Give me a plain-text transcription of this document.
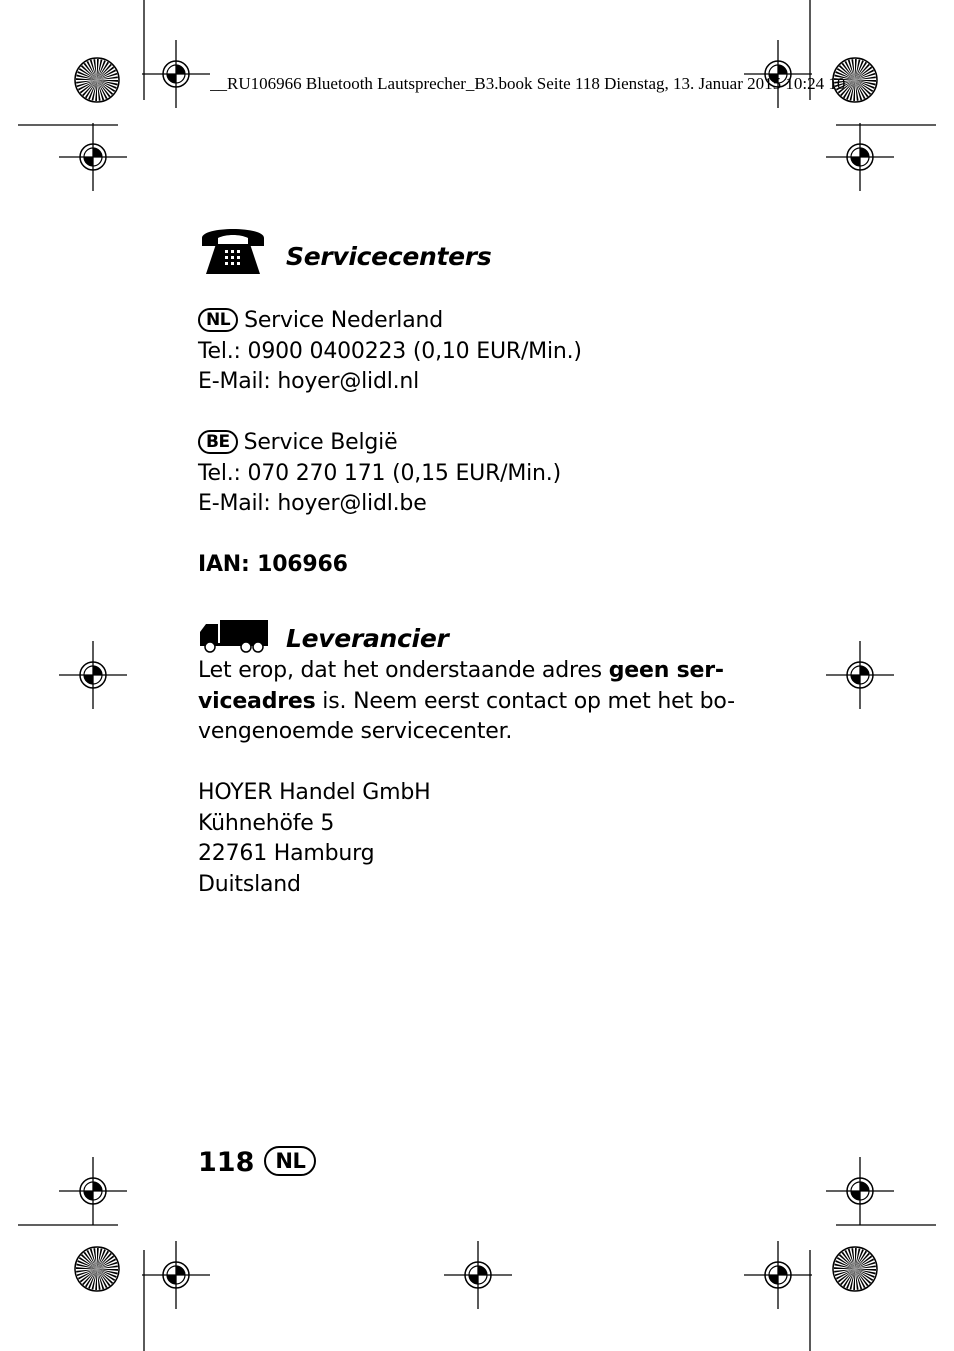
__RU106966 Bluetooth Lautsprecher_B3.book Seite 118 Dienstag, 13. Januar 2015 10:24 10
Servicecenters
NL Service Nederland
Tel.: 0900 0400223 (0,10 EUR/Min.)
E-Mail: hoyer@lidl.nl
BE Service België
Tel.: 070 270 171 (0,15 EUR/Min.)
E-Mail: hoyer@lidl.be
IAN: 106966
Leverancier
Let erop, dat het onderstaande adres geen ser-
viceadres is. Neem eerst contact op met het bo-
vengenoemde servicecenter.
HOYER Handel GmbH
Kühnehöfe 5
22761 Hamburg
Duitsland
118 NL
